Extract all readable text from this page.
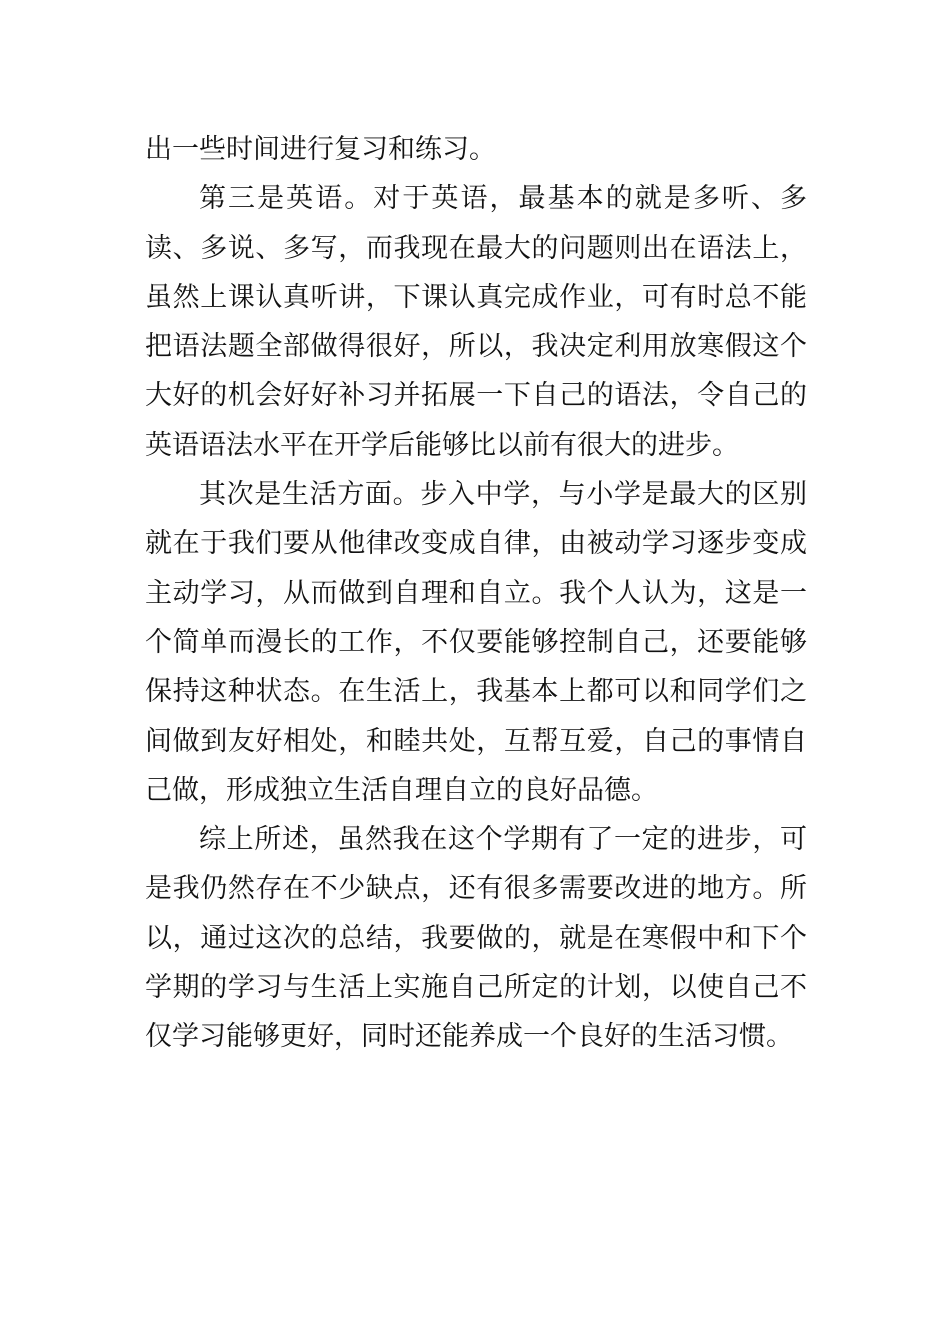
出一些时间进行复习和练习。

第三是英语。对于英语，最基本的就是多听、多读、多说、多写，而我现在最大的问题则出在语法上，虽然上课认真听讲，下课认真完成作业，可有时总不能把语法题全部做得很好，所以，我决定利用放寒假这个大好的机会好好补习并拓展一下自己的语法，令自己的英语语法水平在开学后能够比以前有很大的进步。

其次是生活方面。步入中学，与小学是最大的区别就在于我们要从他律改变成自律，由被动学习逐步变成主动学习，从而做到自理和自立。我个人认为，这是一个简单而漫长的工作，不仅要能够控制自己，还要能够保持这种状态。在生活上，我基本上都可以和同学们之间做到友好相处，和睦共处，互帮互爱，自己的事情自己做，形成独立生活自理自立的良好品德。

综上所述，虽然我在这个学期有了一定的进步，可是我仍然存在不少缺点，还有很多需要改进的地方。所以，通过这次的总结，我要做的，就是在寒假中和下个学期的学习与生活上实施自己所定的计划，以使自己不仅学习能够更好，同时还能养成一个良好的生活习惯。
